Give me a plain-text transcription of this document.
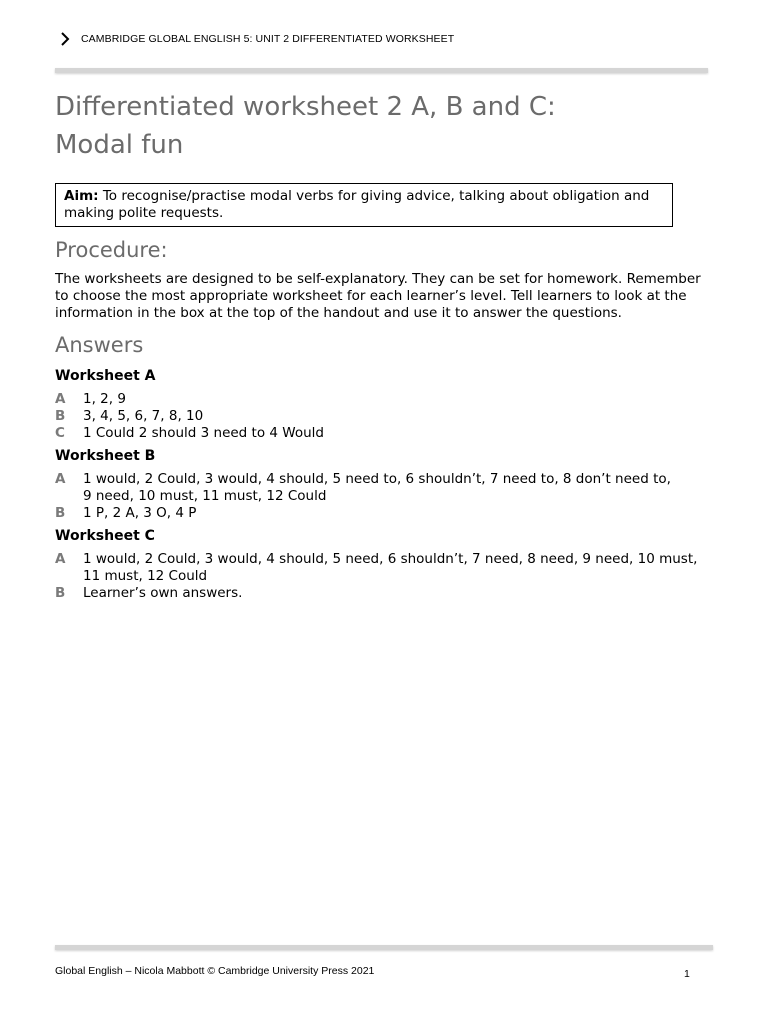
CAMBRIDGE GLOBAL ENGLISH 5: UNIT 2 DIFFERENTIATED WORKSHEET
Differentiated worksheet 2 A, B and C:
Modal fun
Aim: To recognise/practise modal verbs for giving advice, talking about obligation and
making polite requests.
Procedure:

The worksheets are designed to be self-explanatory. They can be set for homework. Remember
to choose the most appropriate worksheet for each learner’s level. Tell learners to look at the
information in the box at the top of the handout and use it to answer the questions.

Answers
Worksheet A
A	1, 2, 9
B	3, 4, 5, 6, 7, 8, 10
C	1 Could 2 should 3 need to 4 Would
Worksheet B
A	1 would, 2 Could, 3 would, 4 should, 5 need to, 6 shouldn’t, 7 need to, 8 don’t need to,
9 need, 10 must, 11 must, 12 Could
B	1 P, 2 A, 3 O, 4 P
Worksheet C
A	1 would, 2 Could, 3 would, 4 should, 5 need, 6 shouldn’t, 7 need, 8 need, 9 need, 10 must,
11 must, 12 Could
B	Learner’s own answers.
Global English – Nicola Mabbott © Cambridge University Press 2021	1
